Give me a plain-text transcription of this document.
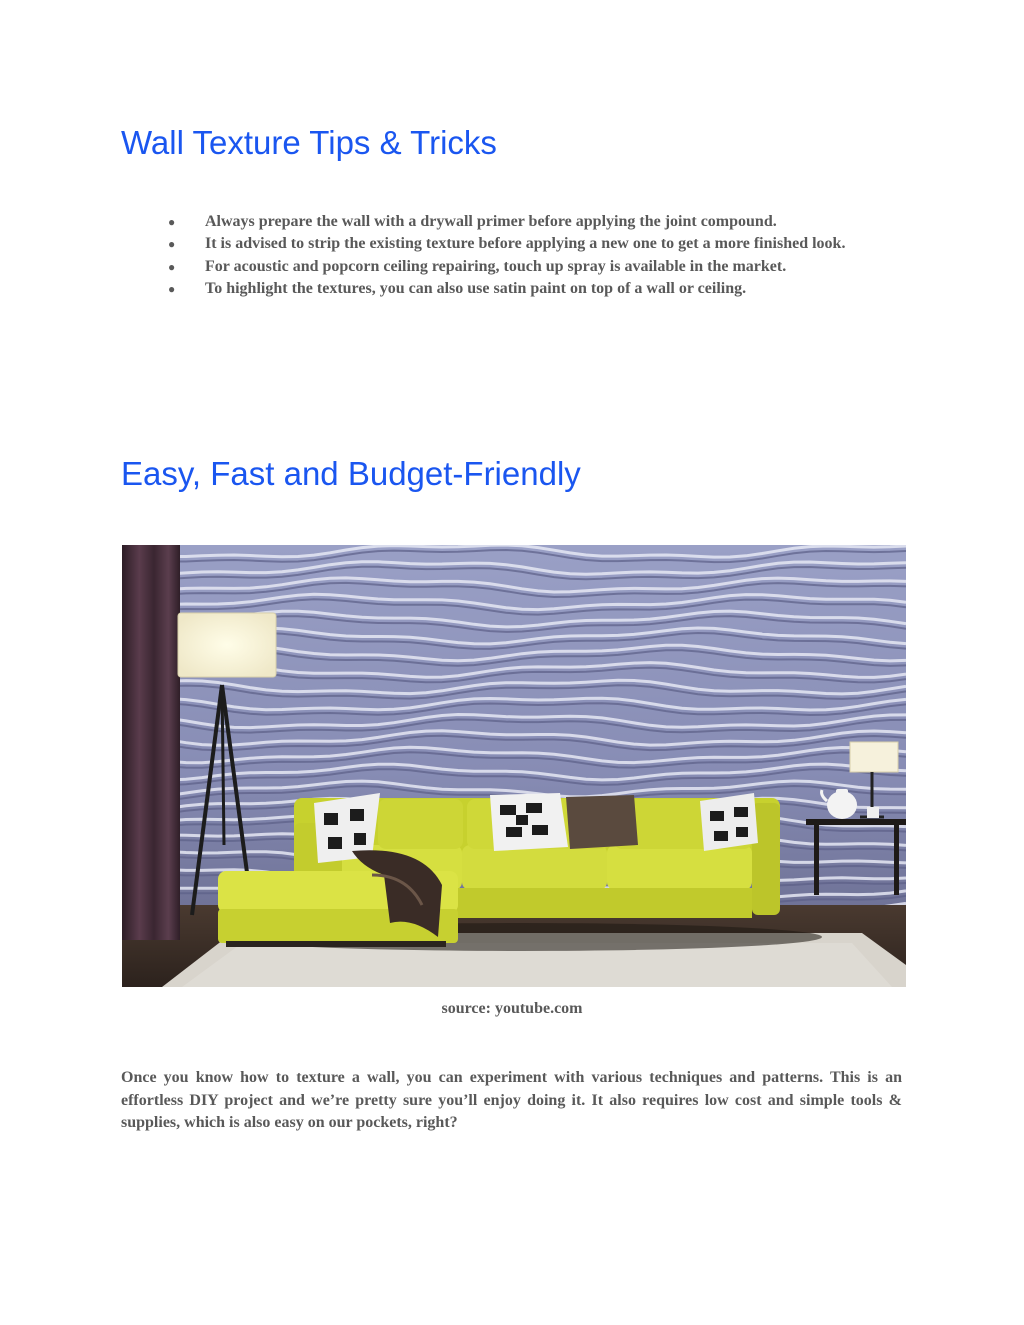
Wall Texture Tips & Tricks
● Always prepare the wall with a drywall primer before applying the joint compound.
● It is advised to strip the existing texture before applying a new one to get a more finished look.
● For acoustic and popcorn ceiling repairing, touch up spray is available in the market.
● To highlight the textures, you can also use satin paint on top of a wall or ceiling.
Easy, Fast and Budget-Friendly
source: youtube.com

Once you know how to texture a wall, you can experiment with various techniques and patterns. This is an effortless DIY project and we’re pretty sure you’ll enjoy doing it. It also requires low cost and simple tools & supplies, which is also easy on our pockets, right?
